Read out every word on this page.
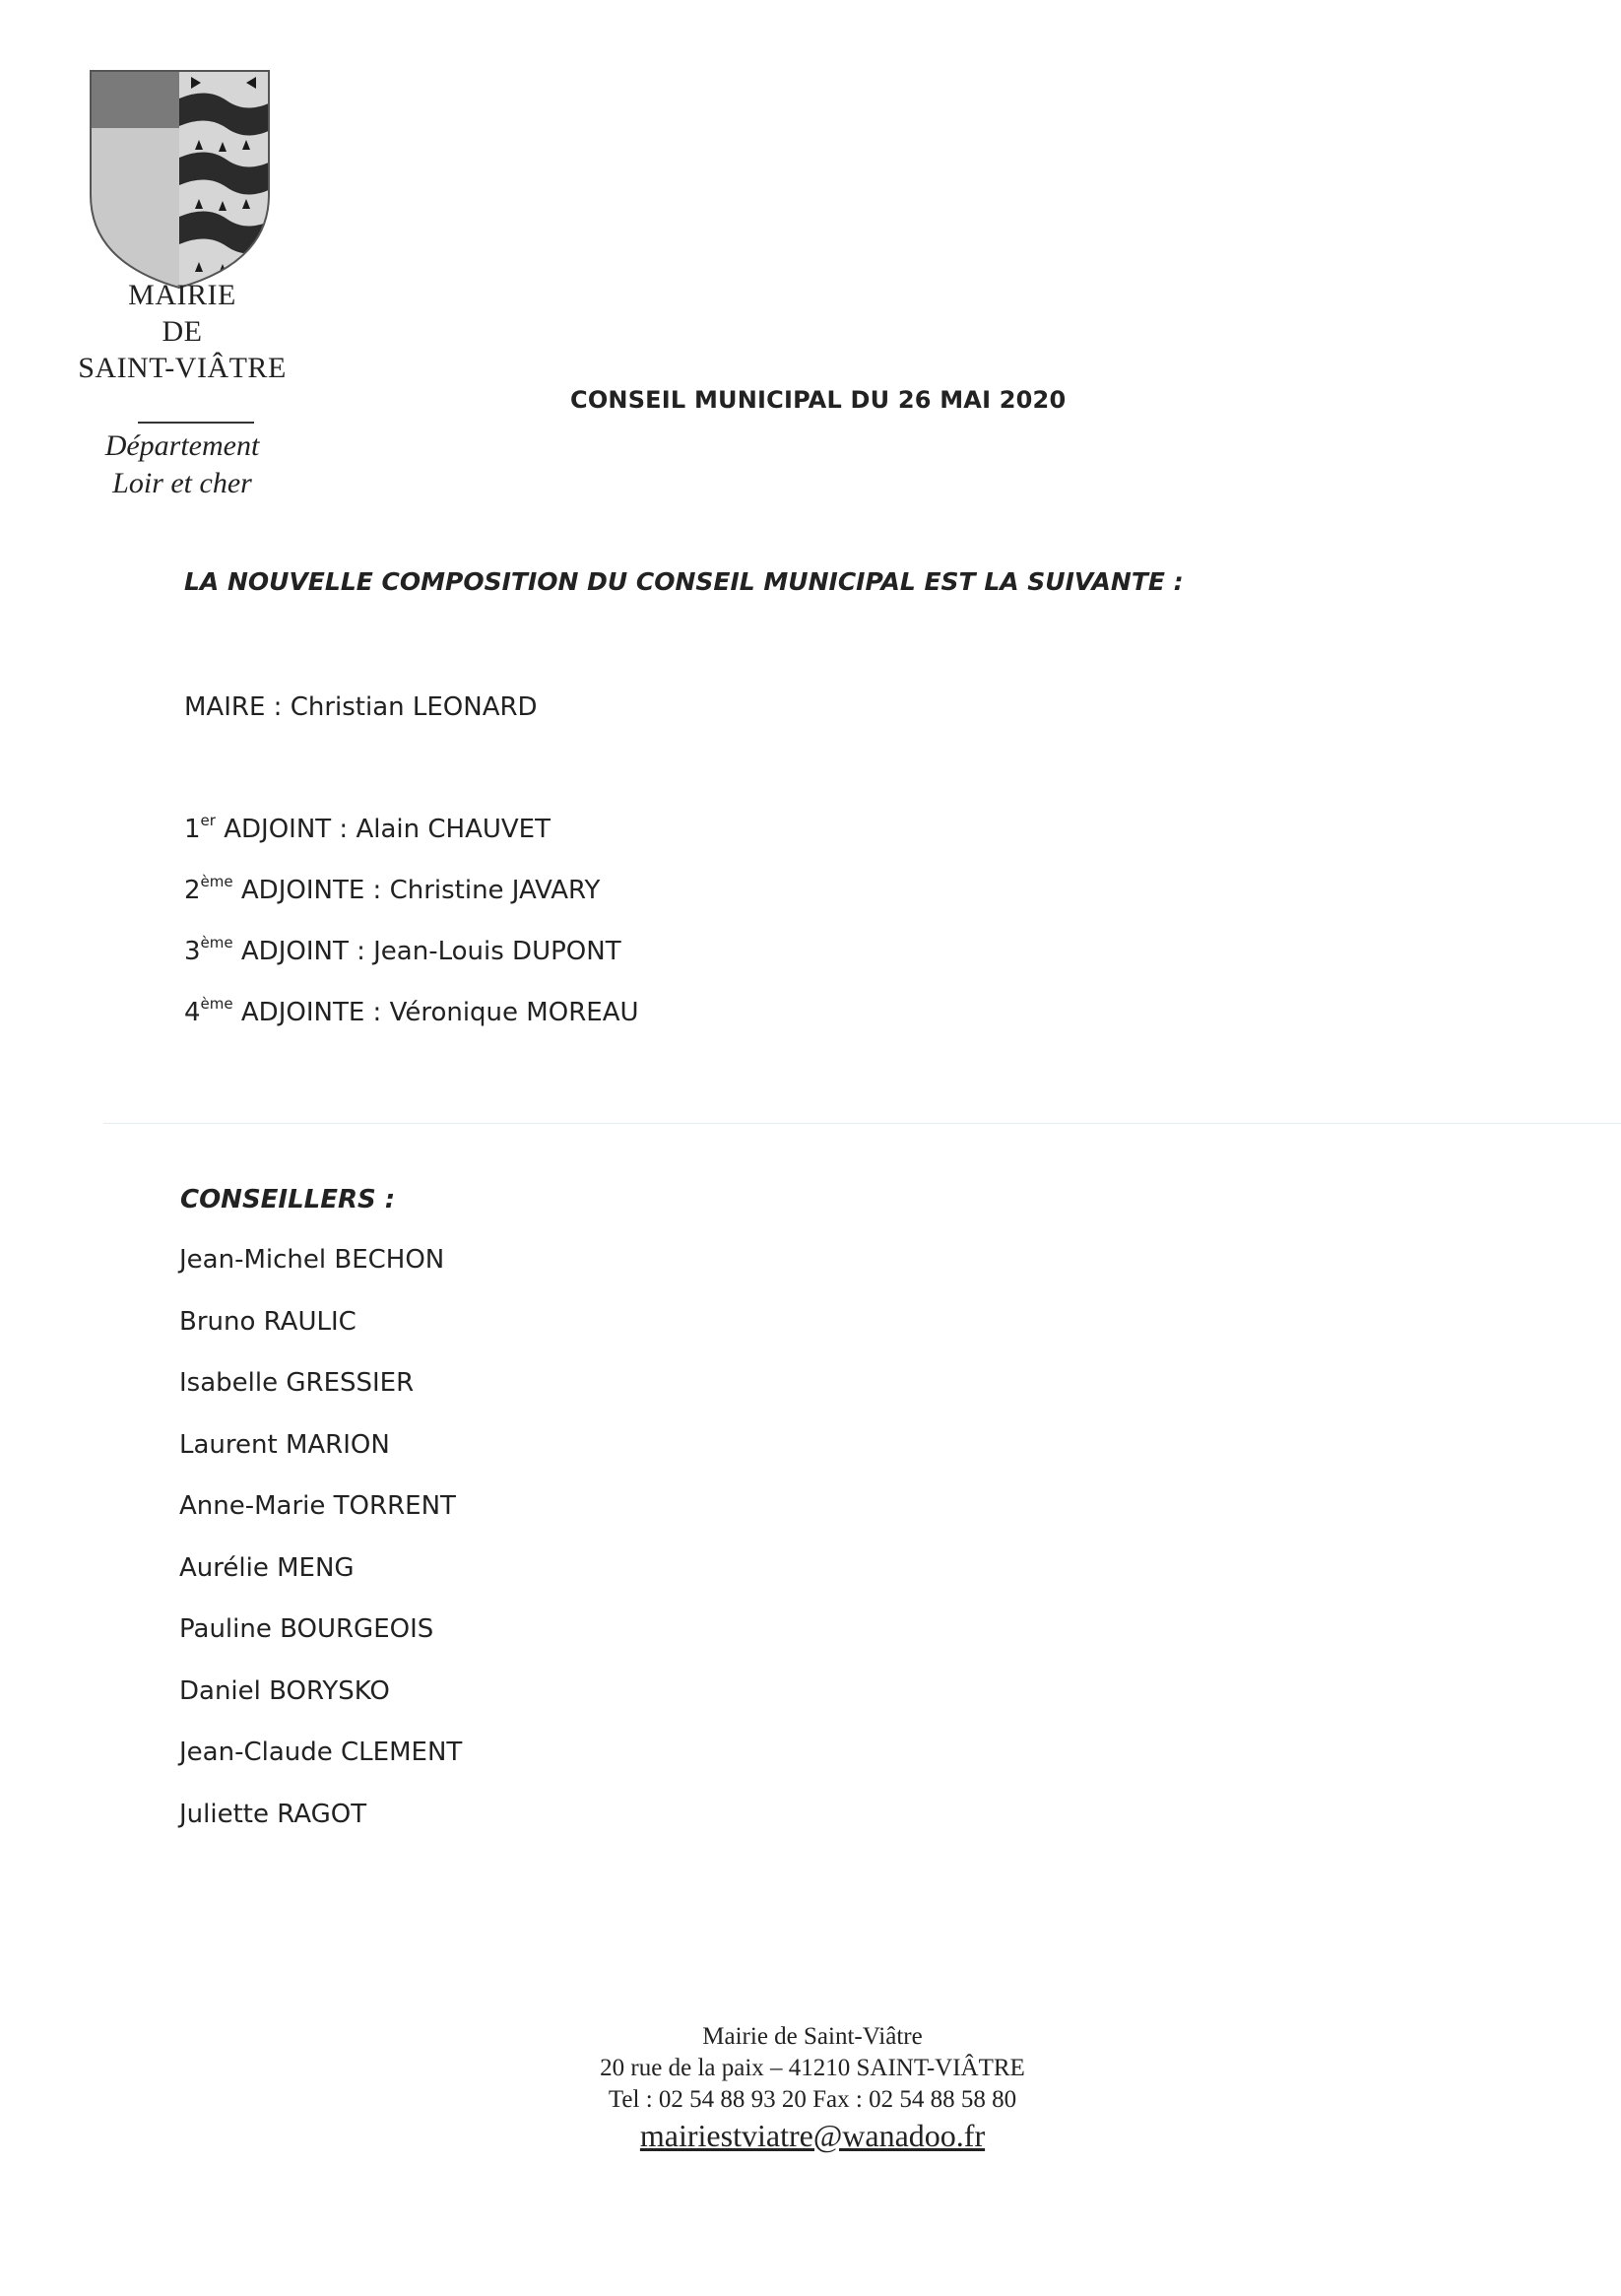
MAIRIE
DE
SAINT-VIÂTRE
Département
Loir et cher
CONSEIL MUNICIPAL DU 26 MAI 2020
LA NOUVELLE COMPOSITION DU CONSEIL MUNICIPAL EST LA SUIVANTE :
MAIRE : Christian LEONARD
1er ADJOINT : Alain CHAUVET
2ème ADJOINTE : Christine JAVARY
3ème ADJOINT : Jean-Louis DUPONT
4ème ADJOINTE : Véronique MOREAU
CONSEILLERS :
Jean-Michel BECHON
Bruno RAULIC
Isabelle GRESSIER
Laurent MARION
Anne-Marie TORRENT
Aurélie MENG
Pauline BOURGEOIS
Daniel BORYSKO
Jean-Claude CLEMENT
Juliette RAGOT
Mairie de Saint-Viâtre
20 rue de la paix – 41210 SAINT-VIÂTRE
Tel : 02 54 88 93 20 Fax : 02 54 88 58 80
mairiestviatre@wanadoo.fr
